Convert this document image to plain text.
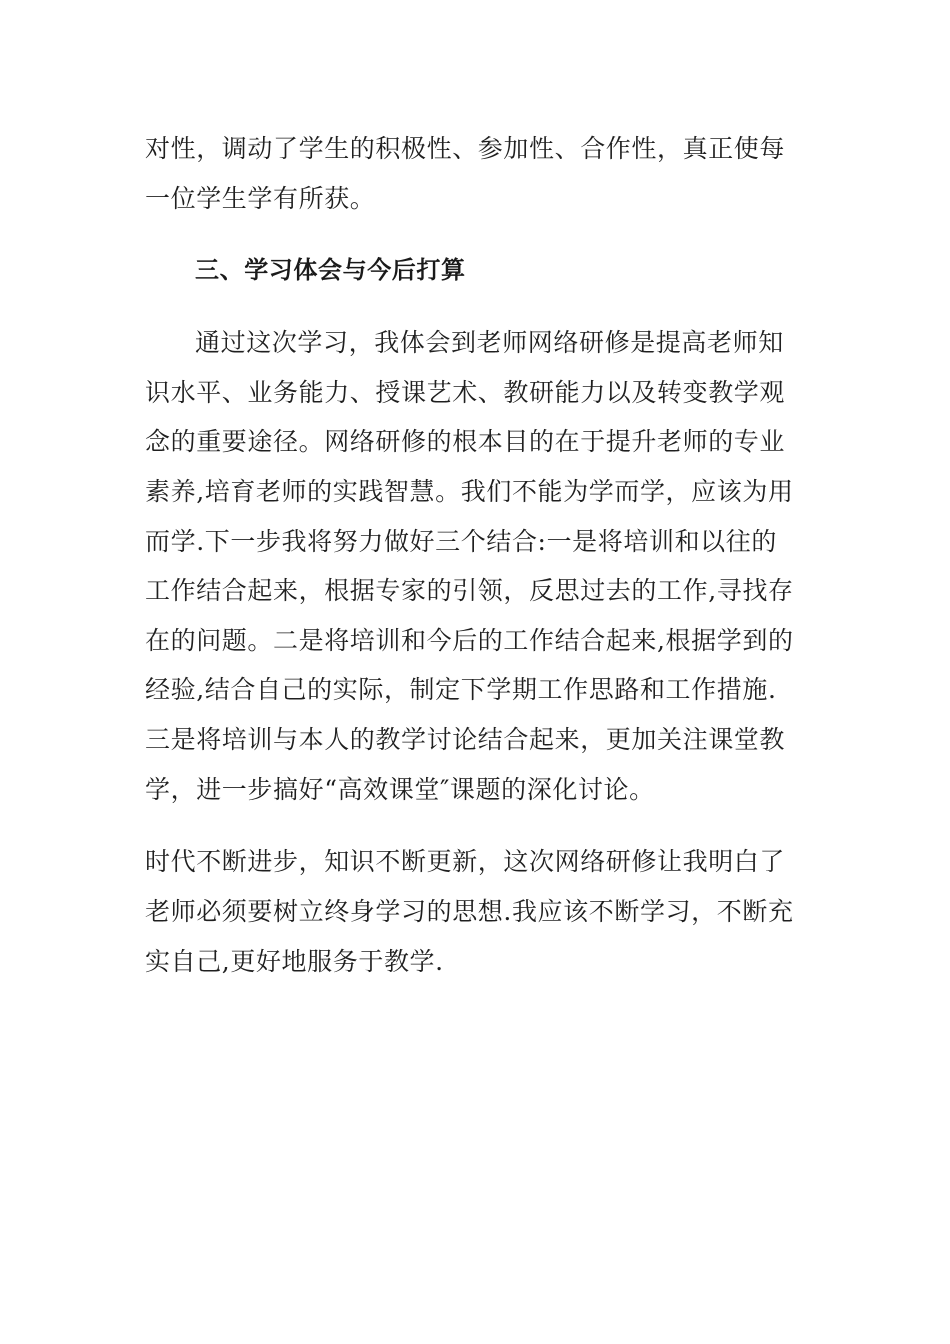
对性，调动了学生的积极性、参加性、合作性，真正使每
一位学生学有所获。
三、学习体会与今后打算
通过这次学习，我体会到老师网络研修是提高老师知
识水平、业务能力、授课艺术、教研能力以及转变教学观
念的重要途径。网络研修的根本目的在于提升老师的专业
素养,培育老师的实践智慧。我们不能为学而学，应该为用
而学.下一步我将努力做好三个结合:一是将培训和以往的
工作结合起来，根据专家的引领，反思过去的工作,寻找存
在的问题。二是将培训和今后的工作结合起来,根据学到的
经验,结合自己的实际，制定下学期工作思路和工作措施.
三是将培训与本人的教学讨论结合起来，更加关注课堂教
学，进一步搞好“高效课堂″课题的深化讨论。
时代不断进步，知识不断更新，这次网络研修让我明白了
老师必须要树立终身学习的思想.我应该不断学习，不断充
实自己,更好地服务于教学.
